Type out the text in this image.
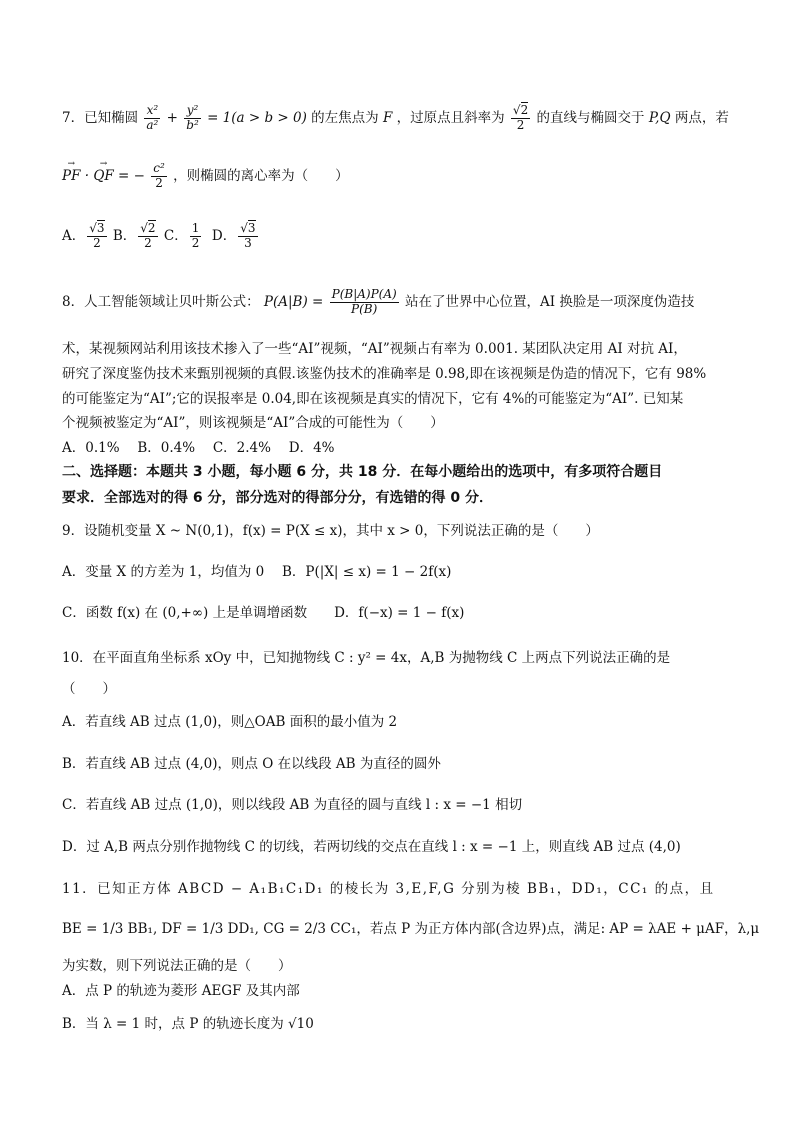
7．已知椭圆 $\frac{\text{x²}}{\text{a²}} + \frac{\text{y²}}{\text{b²}} = 1(a > b > 0)$ 的左焦点为 F ，过原点且斜率为 $\frac{√2}{2}$ 的直线与椭圆交于 P,Q 两点，若
→ PF · → QF = − $\frac{\text{c²}}{2}$ ，则椭圆的离心率为（　　）
A． $\frac{√3}{2}$ B． $\frac{√2}{2}$ C． $\frac{1}{2}$ D． $\frac{√3}{3}$
8．人工智能领域让贝叶斯公式： $P(A|B) = \frac{P(B|A)P(A)}{P(B)}$ 站在了世界中心位置，AI 换脸是一项深度伪造技
术，某视频网站利用该技术掺入了一些“AI”视频，“AI”视频占有率为 0.001. 某团队决定用 AI 对抗 AI，
研究了深度鉴伪技术来甄别视频的真假.该鉴伪技术的准确率是 0.98,即在该视频是伪造的情况下，它有 98%
的可能鉴定为“AI”;它的误报率是 0.04,即在该视频是真实的情况下，它有 4%的可能鉴定为“AI”. 已知某
个视频被鉴定为“AI”，则该视频是“AI”合成的可能性为（　　）
A．0.1%　 B．0.4%　 C．2.4%　 D．4%
二、选择题：本题共 3 小题，每小题 6 分，共 18 分．在每小题给出的选项中，有多项符合题目
要求．全部选对的得 6 分，部分选对的得部分分，有选错的得 0 分．
9．设随机变量 X ~ N(0,1)，f(x) = P(X ≤ x)，其中 x > 0，下列说法正确的是（　　）
A．变量 X 的方差为 1，均值为 0　 B．P(|X| ≤ x) = 1 − 2f(x)
C．函数 f(x) 在 (0,+∞) 上是单调增函数　　D．f(−x) = 1 − f(x)
10．在平面直角坐标系 xOy 中，已知抛物线 C : y² = 4x，A,B 为抛物线 C 上两点下列说法正确的是
（　　）
A．若直线 AB 过点 (1,0)，则△OAB 面积的最小值为 2
B．若直线 AB 过点 (4,0)，则点 O 在以线段 AB 为直径的圆外
C．若直线 AB 过点 (1,0)，则以线段 AB 为直径的圆与直线 l : x = −1 相切
D．过 A,B 两点分别作抛物线 C 的切线，若两切线的交点在直线 l : x = −1 上，则直线 AB 过点 (4,0)
11．已知正方体 ABCD − A₁B₁C₁D₁ 的棱长为 3,E,F,G 分别为棱 BB₁，DD₁，CC₁ 的点，且
BE = 1/3 BB₁, DF = 1/3 DD₁, CG = 2/3 CC₁，若点 P 为正方体内部(含边界)点，满足: AP = λAE + μAF，λ,μ
为实数，则下列说法正确的是（　　）
A．点 P 的轨迹为菱形 AEGF 及其内部
B．当 λ = 1 时，点 P 的轨迹长度为 √10
